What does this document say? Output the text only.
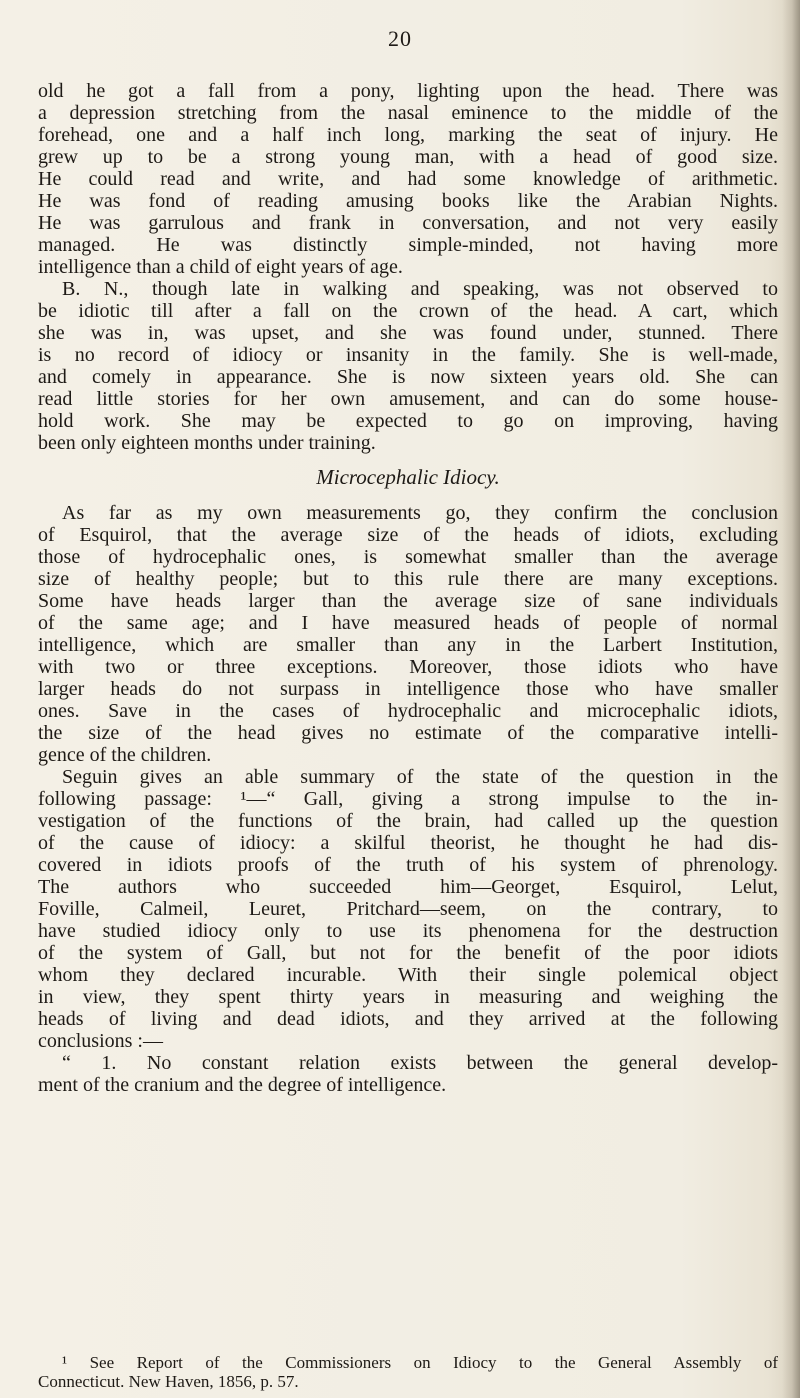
20

old he got a fall from a pony, lighting upon the head. There was

a depression stretching from the nasal eminence to the middle of the

forehead, one and a half inch long, marking the seat of injury. He

grew up to be a strong young man, with a head of good size.

He could read and write, and had some knowledge of arithmetic.

He was fond of reading amusing books like the Arabian Nights.

He was garrulous and frank in conversation, and not very easily

managed. He was distinctly simple-minded, not having more

intelligence than a child of eight years of age.

B. N., though late in walking and speaking, was not observed to

be idiotic till after a fall on the crown of the head. A cart, which

she was in, was upset, and she was found under, stunned. There

is no record of idiocy or insanity in the family. She is well-made,

and comely in appearance. She is now sixteen years old. She can

read little stories for her own amusement, and can do some house-

hold work. She may be expected to go on improving, having

been only eighteen months under training.

Microcephalic Idiocy.

As far as my own measurements go, they confirm the conclusion

of Esquirol, that the average size of the heads of idiots, excluding

those of hydrocephalic ones, is somewhat smaller than the average

size of healthy people; but to this rule there are many exceptions.

Some have heads larger than the average size of sane individuals

of the same age; and I have measured heads of people of normal

intelligence, which are smaller than any in the Larbert Institution,

with two or three exceptions. Moreover, those idiots who have

larger heads do not surpass in intelligence those who have smaller

ones. Save in the cases of hydrocephalic and microcephalic idiots,

the size of the head gives no estimate of the comparative intelli-

gence of the children.

Seguin gives an able summary of the state of the question in the

following passage: ¹—“ Gall, giving a strong impulse to the in-

vestigation of the functions of the brain, had called up the question

of the cause of idiocy: a skilful theorist, he thought he had dis-

covered in idiots proofs of the truth of his system of phrenology.

The authors who succeeded him—Georget, Esquirol, Lelut,

Foville, Calmeil, Leuret, Pritchard—seem, on the contrary, to

have studied idiocy only to use its phenomena for the destruction

of the system of Gall, but not for the benefit of the poor idiots

whom they declared incurable. With their single polemical object

in view, they spent thirty years in measuring and weighing the

heads of living and dead idiots, and they arrived at the following

conclusions :—

“ 1. No constant relation exists between the general develop-

ment of the cranium and the degree of intelligence.

¹ See Report of the Commissioners on Idiocy to the General Assembly of

Connecticut. New Haven, 1856, p. 57.
